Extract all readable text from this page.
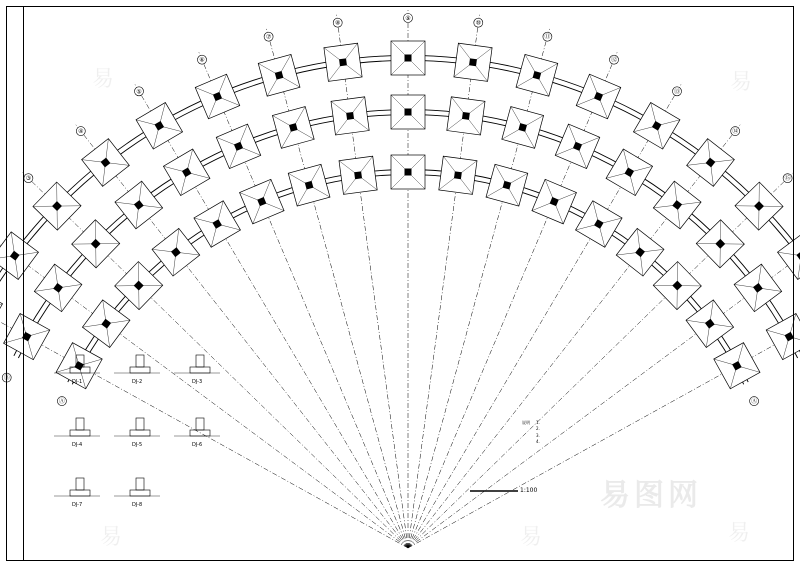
③
④
⑤
⑥
⑦
⑧
⑨
⑩
⑪
⑫
⑬
⑭
⑮
Ⓐ	Ⓐ
Ⓑ
DJ-1	DJ-2	DJ-3
DJ-4	DJ-5	DJ-6
DJ-7	DJ-8
1:100
说明 1.
2.
3.
4.
易图网
易	易
易	易	易
